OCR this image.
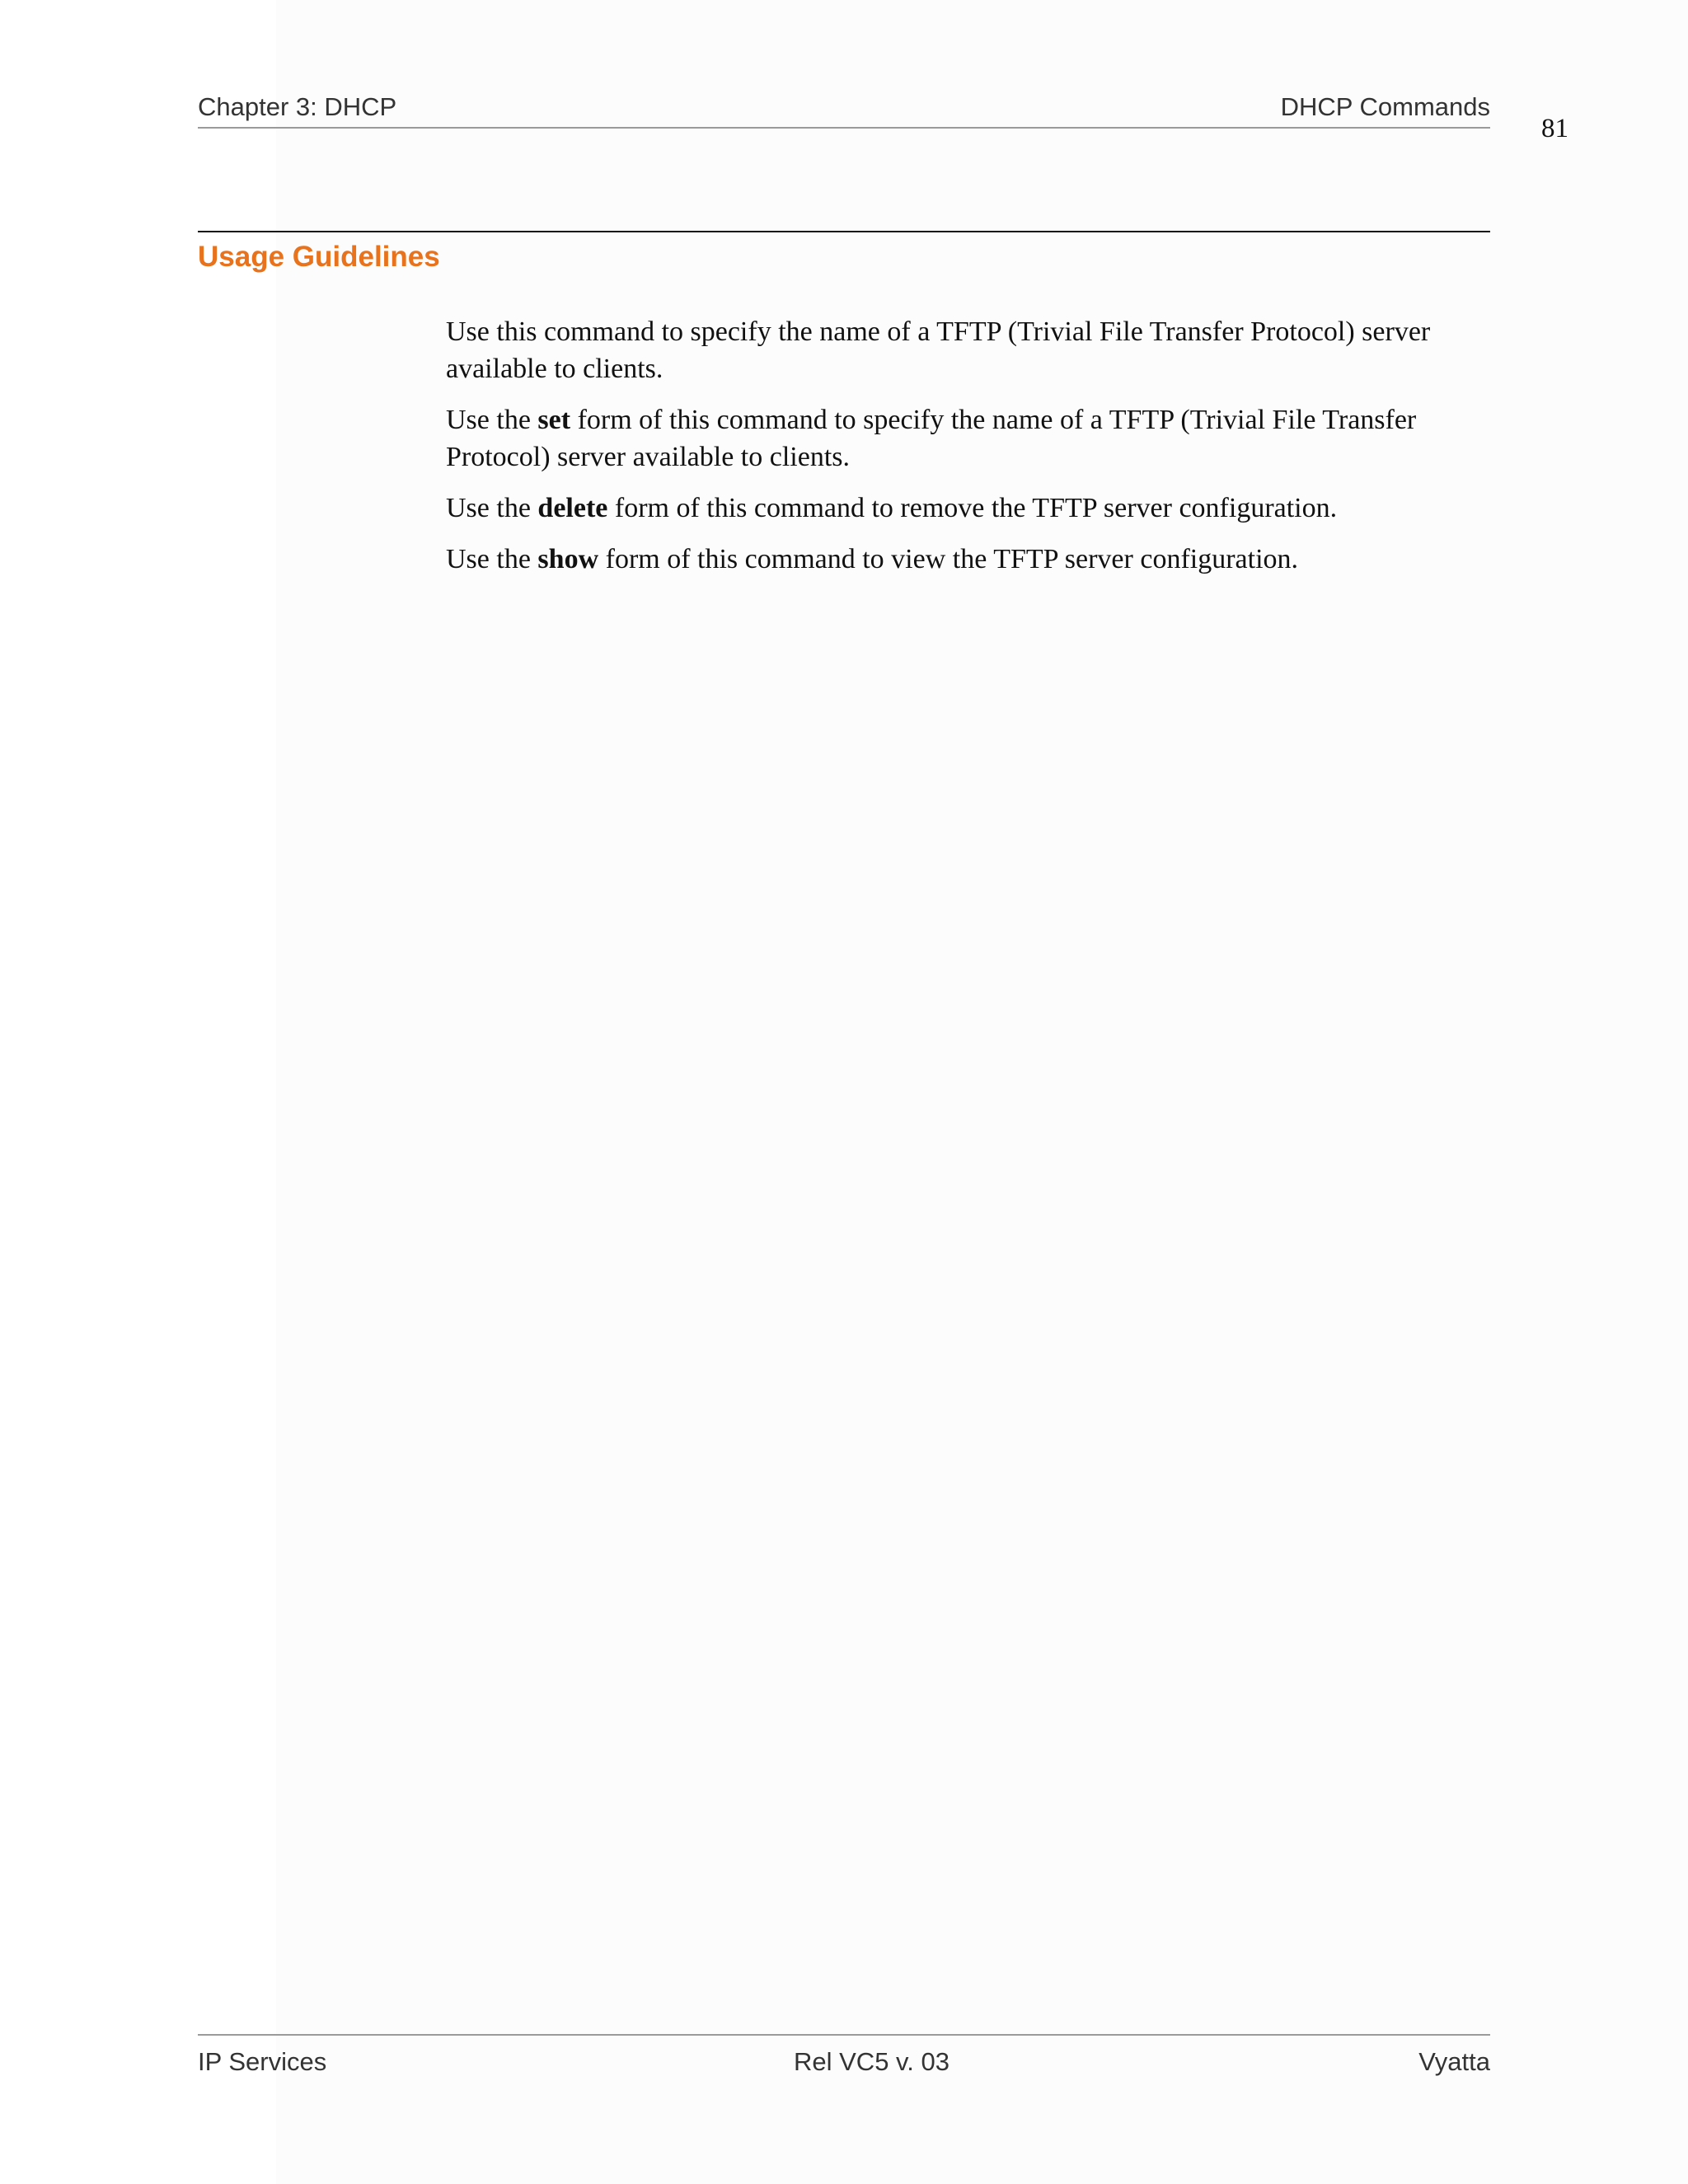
Chapter 3: DHCP	DHCP Commands
81
Usage Guidelines

Use this command to specify the name of a TFTP (Trivial File Transfer Protocol) server available to clients.

Use the set form of this command to specify the name of a TFTP (Trivial File Transfer Protocol) server available to clients.

Use the delete form of this command to remove the TFTP server configuration.

Use the show form of this command to view the TFTP server configuration.

IP Services	Rel VC5 v. 03	Vyatta
